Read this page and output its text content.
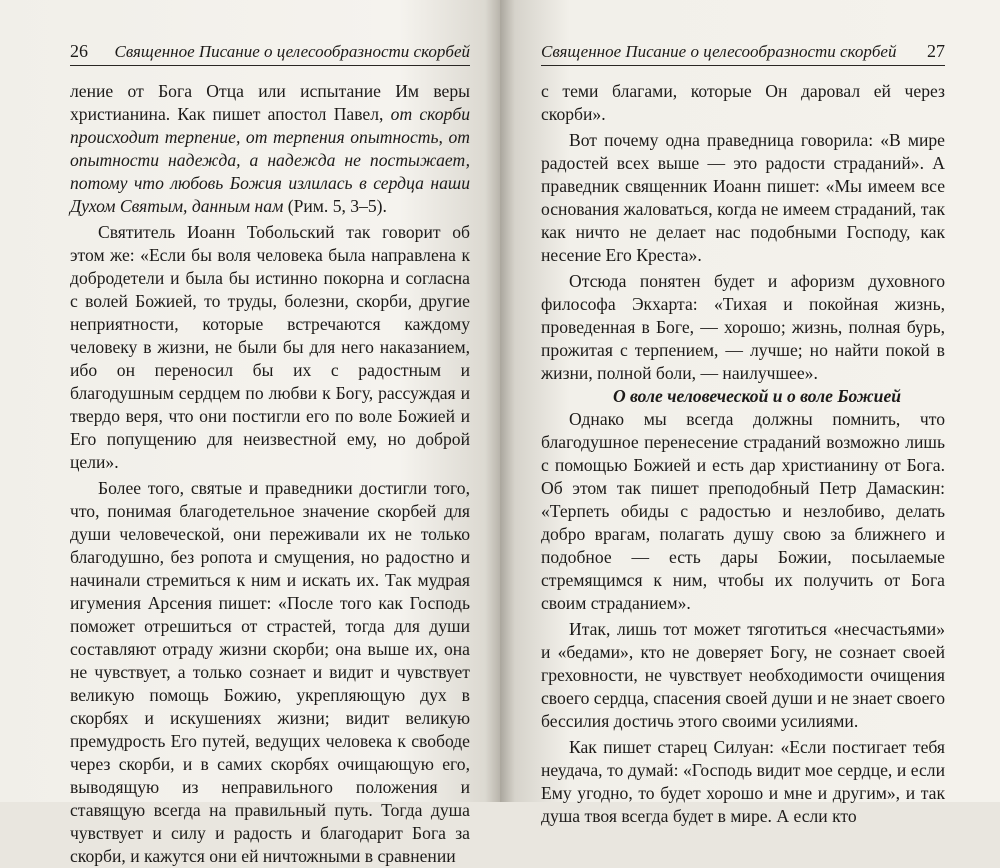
26 Священное Писание о целесообразности скорбей

ление от Бога Отца или испытание Им веры христианина. Как пишет апостол Павел, от скорби происходит терпение, от терпения опытность, от опытности надежда, а надежда не постыжает, потому что любовь Божия излилась в сердца наши Духом Святым, данным нам (Рим. 5, 3–5).

Святитель Иоанн Тобольский так говорит об этом же: «Если бы воля человека была направлена к добродетели и была бы истинно покорна и согласна с волей Божией, то труды, болезни, скорби, другие неприятности, которые встречаются каждому человеку в жизни, не были бы для него наказанием, ибо он переносил бы их с радостным и благодушным сердцем по любви к Богу, рассуждая и твердо веря, что они постигли его по воле Божией и Его попущению для неизвестной ему, но доброй цели».

Более того, святые и праведники достигли того, что, понимая благодетельное значение скорбей для души человеческой, они переживали их не только благодушно, без ропота и смущения, но радостно и начинали стремиться к ним и искать их. Так мудрая игумения Арсения пишет: «После того как Господь поможет отрешиться от страстей, тогда для души составляют отраду жизни скорби; она выше их, она не чувствует, а только сознает и видит и чувствует великую помощь Божию, укрепляющую дух в скорбях и искушениях жизни; видит великую премудрость Его путей, ведущих человека к свободе через скорби, и в самих скорбях очищающую его, выводящую из неправильного положения и ставящую всегда на правильный путь. Тогда душа чувствует и силу и радость и благодарит Бога за скорби, и кажутся они ей ничтожными в сравнении

Священное Писание о целесообразности скорбей 27

с теми благами, которые Он даровал ей через скорби».

Вот почему одна праведница говорила: «В мире радостей всех выше — это радости страданий». А праведник священник Иоанн пишет: «Мы имеем все основания жаловаться, когда не имеем страданий, так как ничто не делает нас подобными Господу, как несение Его Креста».

Отсюда понятен будет и афоризм духовного философа Экхарта: «Тихая и покойная жизнь, проведенная в Боге, — хорошо; жизнь, полная бурь, прожитая с терпением, — лучше; но найти покой в жизни, полной боли, — наилучшее».

О воле человеческой и о воле Божией

Однако мы всегда должны помнить, что благодушное перенесение страданий возможно лишь с помощью Божией и есть дар христианину от Бога. Об этом так пишет преподобный Петр Дамаскин: «Терпеть обиды с радостью и незлобиво, делать добро врагам, полагать душу свою за ближнего и подобное — есть дары Божии, посылаемые стремящимся к ним, чтобы их получить от Бога своим страданием».

Итак, лишь тот может тяготиться «несчастьями» и «бедами», кто не доверяет Богу, не сознает своей греховности, не чувствует необходимости очищения своего сердца, спасения своей души и не знает своего бессилия достичь этого своими усилиями.

Как пишет старец Силуан: «Если постигает тебя неудача, то думай: «Господь видит мое сердце, и если Ему угодно, то будет хорошо и мне и другим», и так душа твоя всегда будет в мире. А если кто
